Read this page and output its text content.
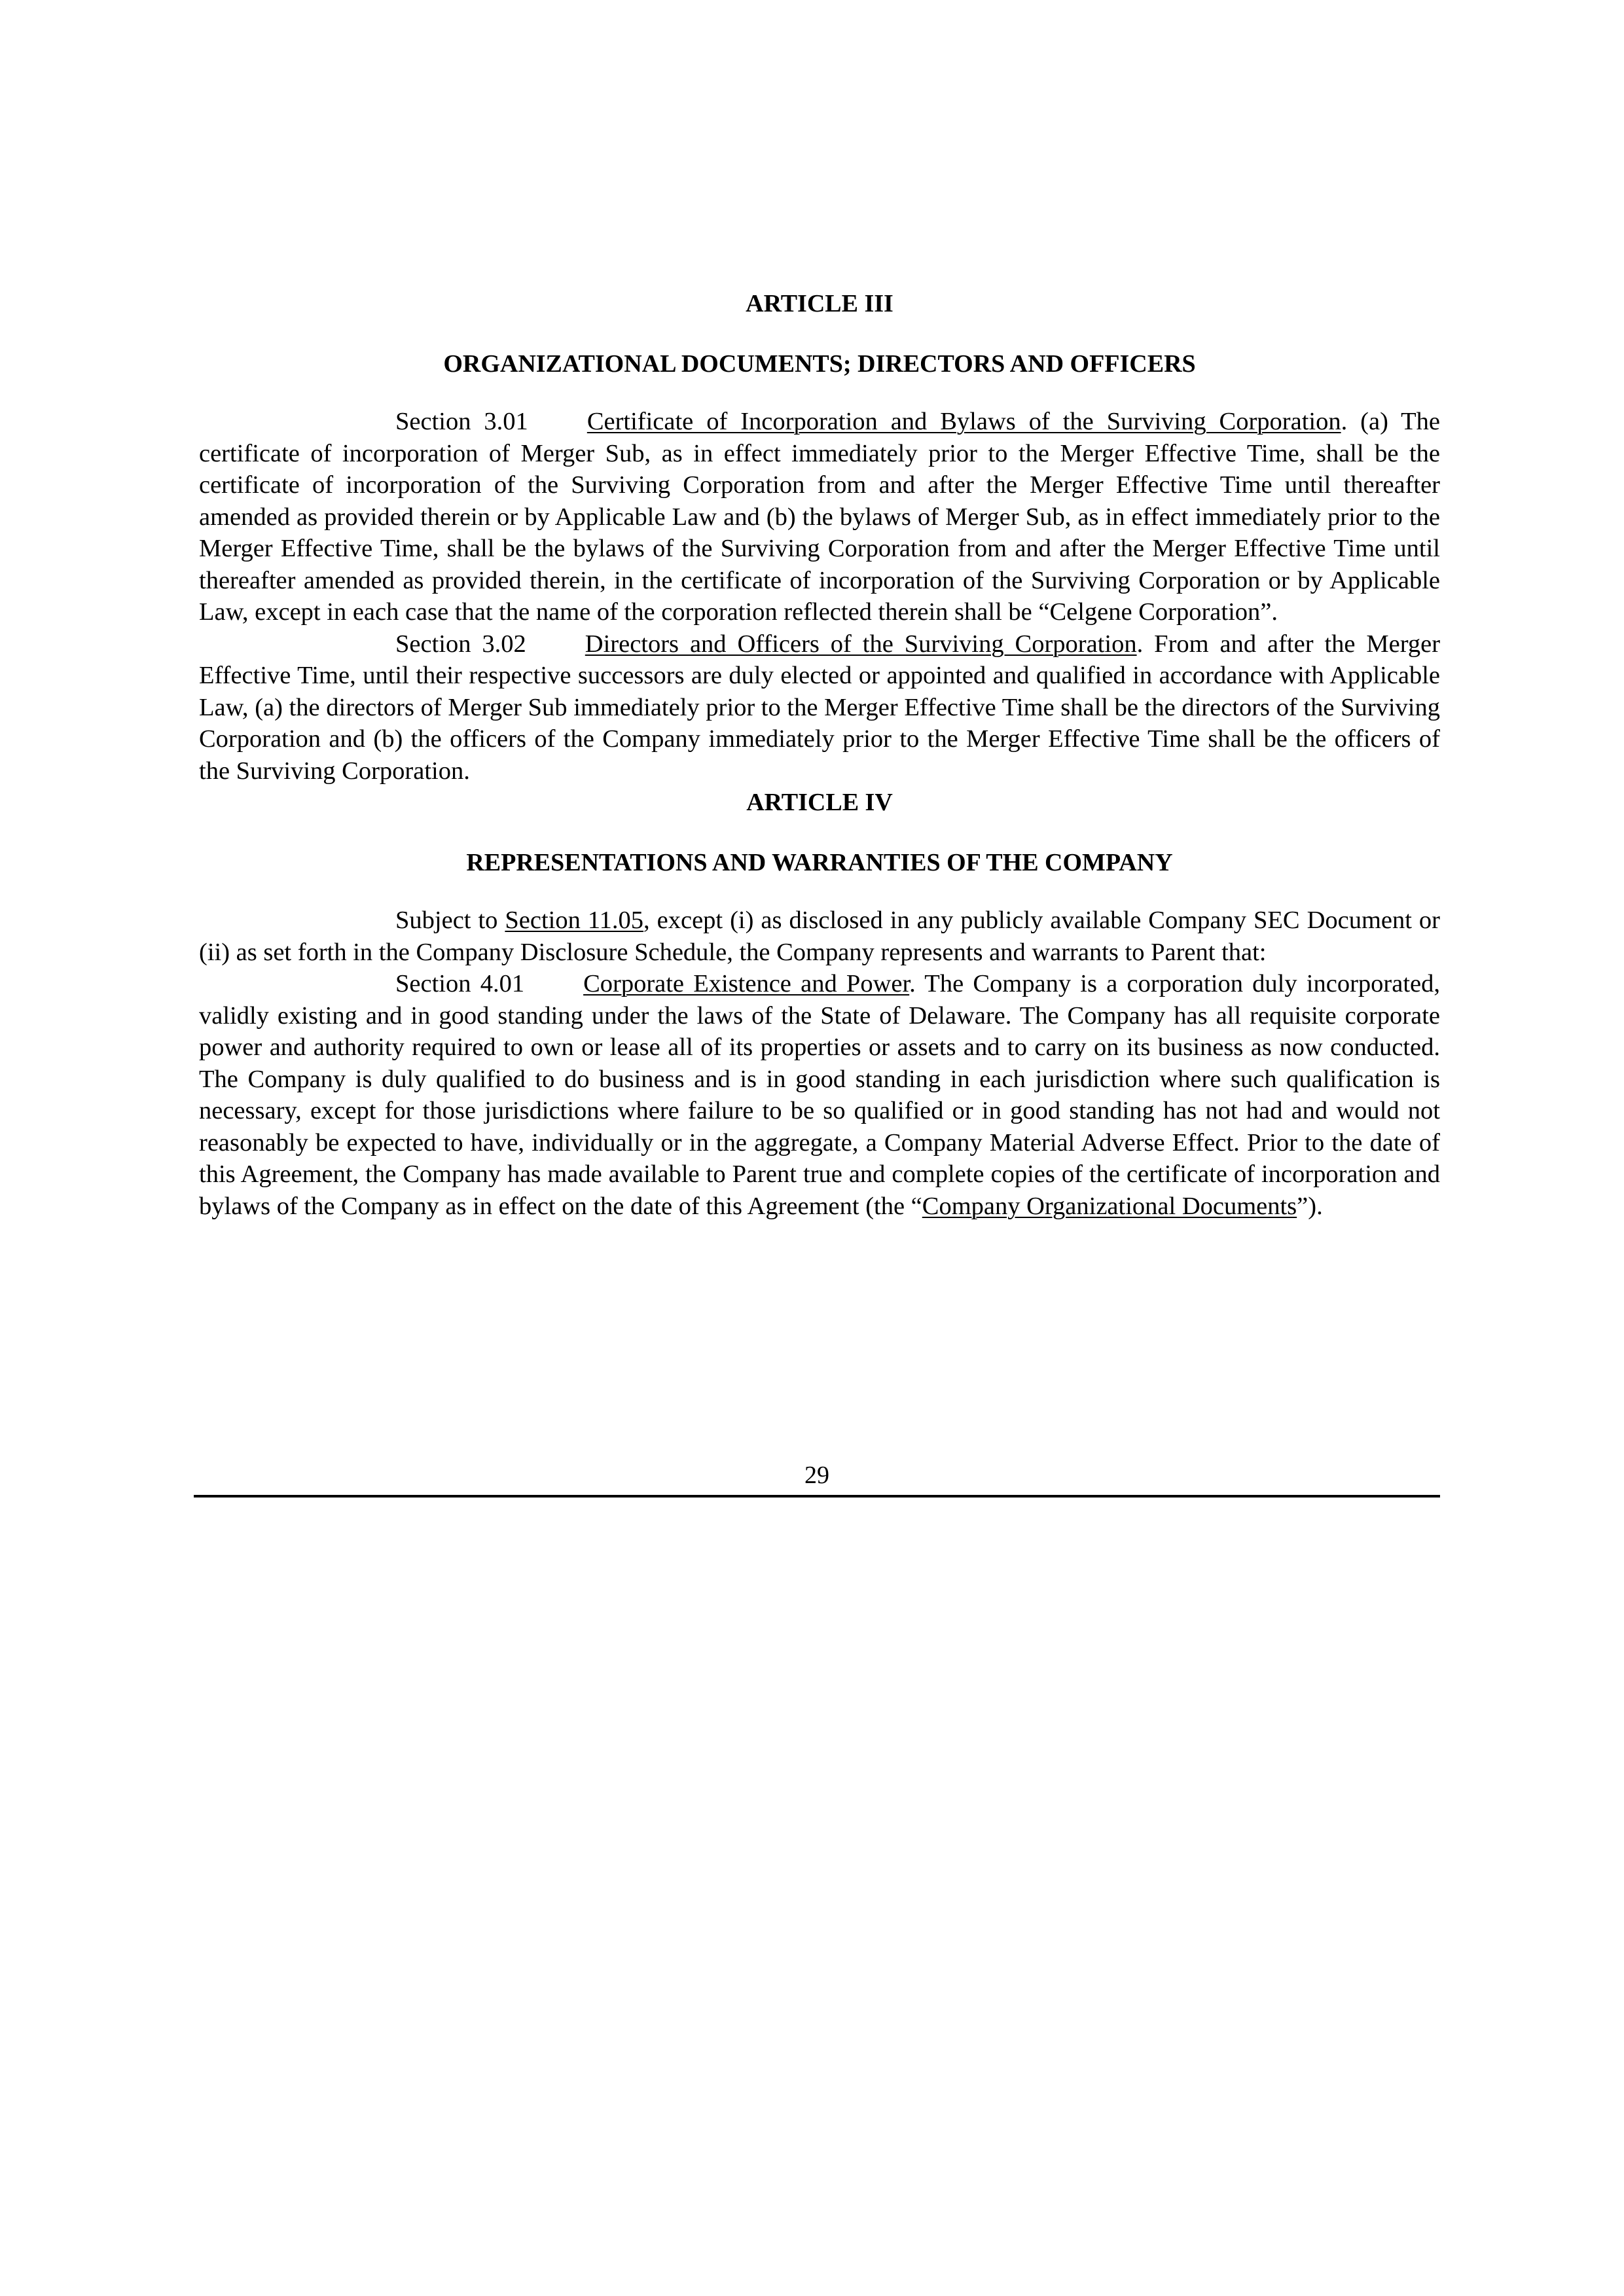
ARTICLE III
ORGANIZATIONAL DOCUMENTS; DIRECTORS AND OFFICERS

Section 3.01 Certificate of Incorporation and Bylaws of the Surviving Corporation. (a) The certificate of incorporation of Merger Sub, as in effect immediately prior to the Merger Effective Time, shall be the certificate of incorporation of the Surviving Corporation from and after the Merger Effective Time until thereafter amended as provided therein or by Applicable Law and (b) the bylaws of Merger Sub, as in effect immediately prior to the Merger Effective Time, shall be the bylaws of the Surviving Corporation from and after the Merger Effective Time until thereafter amended as provided therein, in the certificate of incorporation of the Surviving Corporation or by Applicable Law, except in each case that the name of the corporation reflected therein shall be “Celgene Corporation”.

Section 3.02 Directors and Officers of the Surviving Corporation. From and after the Merger Effective Time, until their respective successors are duly elected or appointed and qualified in accordance with Applicable Law, (a) the directors of Merger Sub immediately prior to the Merger Effective Time shall be the directors of the Surviving Corporation and (b) the officers of the Company immediately prior to the Merger Effective Time shall be the officers of the Surviving Corporation.

ARTICLE IV
REPRESENTATIONS AND WARRANTIES OF THE COMPANY

Subject to Section 11.05, except (i) as disclosed in any publicly available Company SEC Document or (ii) as set forth in the Company Disclosure Schedule, the Company represents and warrants to Parent that:

Section 4.01 Corporate Existence and Power. The Company is a corporation duly incorporated, validly existing and in good standing under the laws of the State of Delaware. The Company has all requisite corporate power and authority required to own or lease all of its properties or assets and to carry on its business as now conducted. The Company is duly qualified to do business and is in good standing in each jurisdiction where such qualification is necessary, except for those jurisdictions where failure to be so qualified or in good standing has not had and would not reasonably be expected to have, individually or in the aggregate, a Company Material Adverse Effect. Prior to the date of this Agreement, the Company has made available to Parent true and complete copies of the certificate of incorporation and bylaws of the Company as in effect on the date of this Agreement (the “Company Organizational Documents”).

29
